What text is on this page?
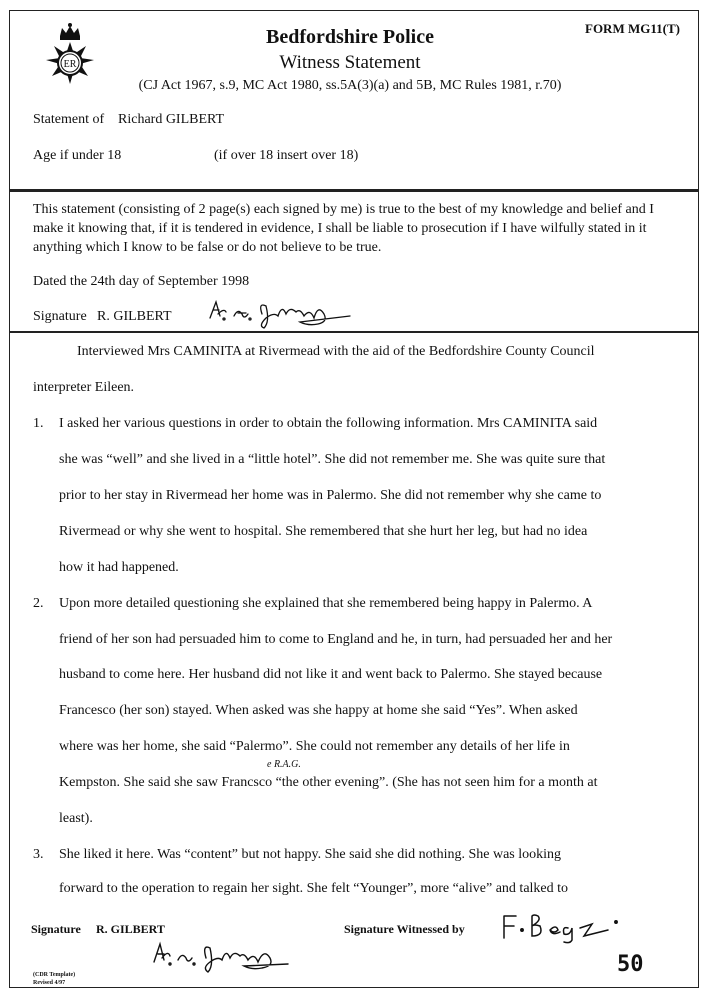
FORM MG11(T)
ER
Bedfordshire Police
Witness Statement
(CJ Act 1967, s.9, MC Act 1980, ss.5A(3)(a) and 5B, MC Rules 1981, r.70)
Statement of Richard GILBERT
Age if under 18	(if over 18 insert over 18)
This statement (consisting of 2 page(s) each signed by me) is true to the best of my knowledge and belief and I make it knowing that, if it is tendered in evidence, I shall be liable to prosecution if I have wilfully stated in it anything which I know to be false or do not believe to be true.
Dated the 24th day of September 1998
Signature R. GILBERT
Interviewed Mrs CAMINITA at Rivermead with the aid of the Bedfordshire County Council
interpreter Eileen.
1. I asked her various questions in order to obtain the following information. Mrs CAMINITA said
she was “well” and she lived in a “little hotel”. She did not remember me. She was quite sure that
prior to her stay in Rivermead her home was in Palermo. She did not remember why she came to
Rivermead or why she went to hospital. She remembered that she hurt her leg, but had no idea
how it had happened.
2. Upon more detailed questioning she explained that she remembered being happy in Palermo. A
friend of her son had persuaded him to come to England and he, in turn, had persuaded her and her
husband to come here. Her husband did not like it and went back to Palermo. She stayed because
Francesco (her son) stayed. When asked was she happy at home she said “Yes”. When asked
where was her home, she said “Palermo”. She could not remember any details of her life in
e R.A.G.
Kempston. She said she saw Francsco “the other evening”. (She has not seen him for a month at
least).
3. She liked it here. Was “content” but not happy. She said she did nothing. She was looking
forward to the operation to regain her sight. She felt “Younger”, more “alive” and talked to
Signature R. GILBERT	Signature Witnessed by
(CDR Template)
Revised 4/97
50
